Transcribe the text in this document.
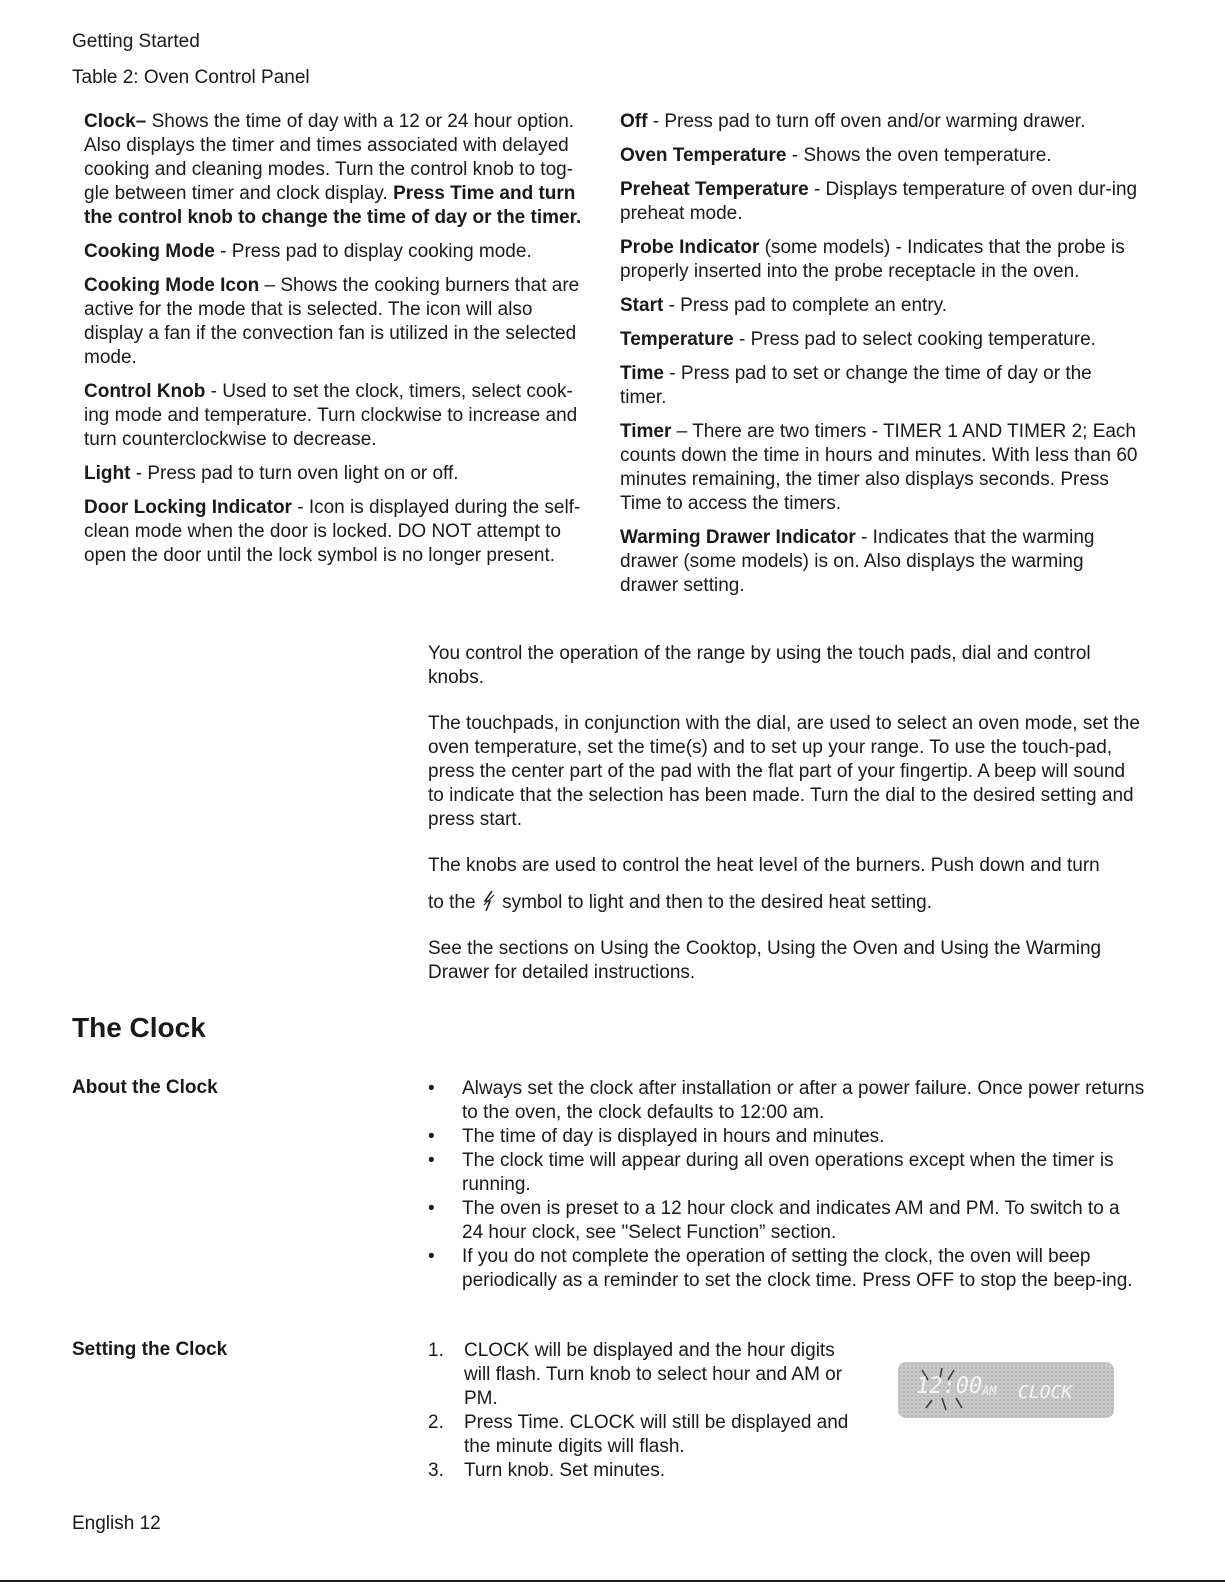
Getting Started
Table 2: Oven Control Panel

Clock– Shows the time of day with a 12 or 24 hour option. Also displays the timer and times associated with delayed cooking and cleaning modes. Turn the control knob to tog-gle between timer and clock display. Press Time and turn the control knob to change the time of day or the timer.

Cooking Mode - Press pad to display cooking mode.

Cooking Mode Icon – Shows the cooking burners that are active for the mode that is selected. The icon will also display a fan if the convection fan is utilized in the selected mode.

Control Knob - Used to set the clock, timers, select cook-ing mode and temperature. Turn clockwise to increase and turn counterclockwise to decrease.

Light - Press pad to turn oven light on or off.

Door Locking Indicator - Icon is displayed during the self-clean mode when the door is locked. DO NOT attempt to open the door until the lock symbol is no longer present.

Off - Press pad to turn off oven and/or warming drawer.

Oven Temperature - Shows the oven temperature.

Preheat Temperature - Displays temperature of oven dur-ing preheat mode.

Probe Indicator (some models) - Indicates that the probe is properly inserted into the probe receptacle in the oven.

Start - Press pad to complete an entry.

Temperature - Press pad to select cooking temperature.

Time - Press pad to set or change the time of day or the timer.

Timer – There are two timers - TIMER 1 AND TIMER 2; Each counts down the time in hours and minutes. With less than 60 minutes remaining, the timer also displays seconds. Press Time to access the timers.

Warming Drawer Indicator - Indicates that the warming drawer (some models) is on. Also displays the warming drawer setting.

You control the operation of the range by using the touch pads, dial and control knobs.

The touchpads, in conjunction with the dial, are used to select an oven mode, set the oven temperature, set the time(s) and to set up your range. To use the touch-pad, press the center part of the pad with the flat part of your fingertip. A beep will sound to indicate that the selection has been made. Turn the dial to the desired setting and press start.

The knobs are used to control the heat level of the burners. Push down and turn

to the  symbol to light and then to the desired heat setting.

See the sections on Using the Cooktop, Using the Oven and Using the Warming Drawer for detailed instructions.

The Clock
About the Clock	• Always set the clock after installation or after a power failure. Once power returns to the oven, the clock defaults to 12:00 am.
• The time of day is displayed in hours and minutes.
• The clock time will appear during all oven operations except when the timer is running.
• The oven is preset to a 12 hour clock and indicates AM and PM. To switch to a 24 hour clock, see "Select Function” section.
• If you do not complete the operation of setting the clock, the oven will beep periodically as a reminder to set the clock time. Press OFF to stop the beep-ing.
Setting the Clock	1. CLOCK will be displayed and the hour digits will flash. Turn knob to select hour and AM or PM.
2. Press Time. CLOCK will still be displayed and the minute digits will flash.
3. Turn knob. Set minutes.
12:00 AM CLOCK
English 12
